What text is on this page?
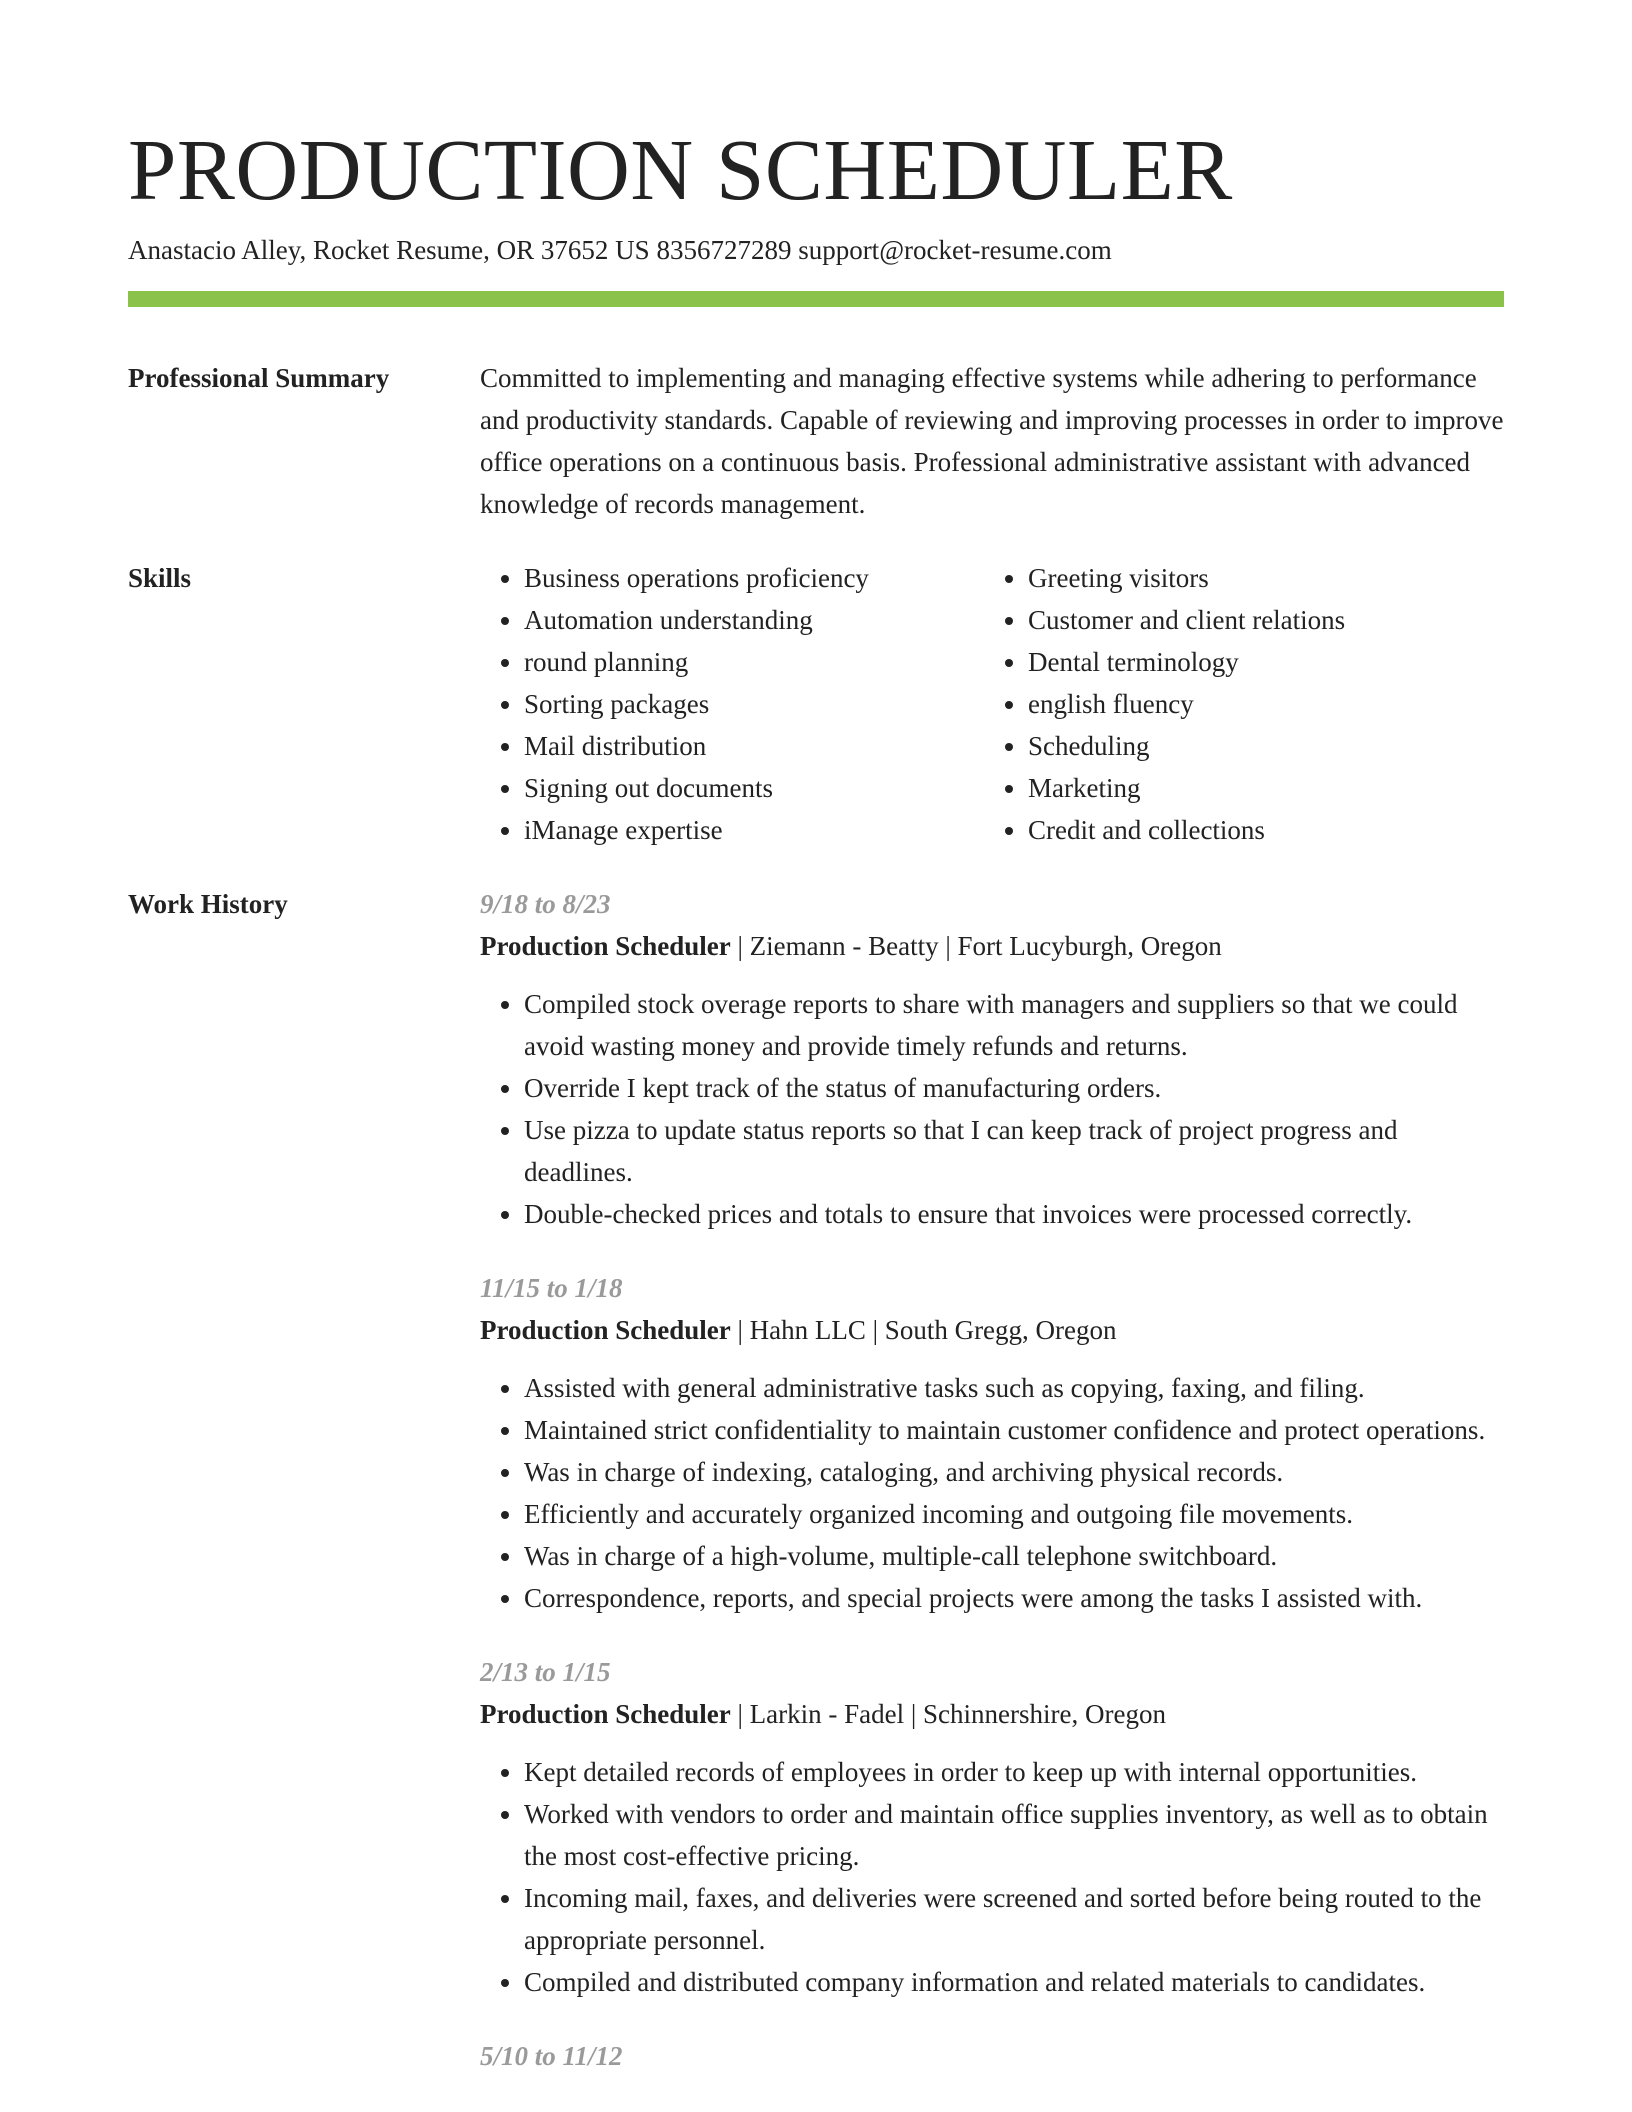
PRODUCTION SCHEDULER
Anastacio Alley, Rocket Resume, OR 37652 US 8356727289 support@rocket-resume.com
Professional Summary	Committed to implementing and managing effective systems while adhering to performance and productivity standards. Capable of reviewing and improving processes in order to improve office operations on a continuous basis. Professional administrative assistant with advanced knowledge of records management.
Skills
•	Business operations proficiency
• Automation understanding
• round planning
• Sorting packages
• Mail distribution
• Signing out documents
• iManage expertise
• Greeting visitors
• Customer and client relations
• Dental terminology
• english fluency
• Scheduling
• Marketing
• Credit and collections
Work History	9/18 to 8/23
Production Scheduler | Ziemann - Beatty | Fort Lucyburgh, Oregon
• Compiled stock overage reports to share with managers and suppliers so that we could avoid wasting money and provide timely refunds and returns.
• Override I kept track of the status of manufacturing orders.
• Use pizza to update status reports so that I can keep track of project progress and deadlines.
• Double-checked prices and totals to ensure that invoices were processed correctly.
11/15 to 1/18
Production Scheduler | Hahn LLC | South Gregg, Oregon
• Assisted with general administrative tasks such as copying, faxing, and filing.
• Maintained strict confidentiality to maintain customer confidence and protect operations.
• Was in charge of indexing, cataloging, and archiving physical records.
• Efficiently and accurately organized incoming and outgoing file movements.
• Was in charge of a high-volume, multiple-call telephone switchboard.
• Correspondence, reports, and special projects were among the tasks I assisted with.
2/13 to 1/15
Production Scheduler | Larkin - Fadel | Schinnershire, Oregon
• Kept detailed records of employees in order to keep up with internal opportunities.
• Worked with vendors to order and maintain office supplies inventory, as well as to obtain the most cost-effective pricing.
• Incoming mail, faxes, and deliveries were screened and sorted before being routed to the appropriate personnel.
• Compiled and distributed company information and related materials to candidates.
5/10 to 11/12
